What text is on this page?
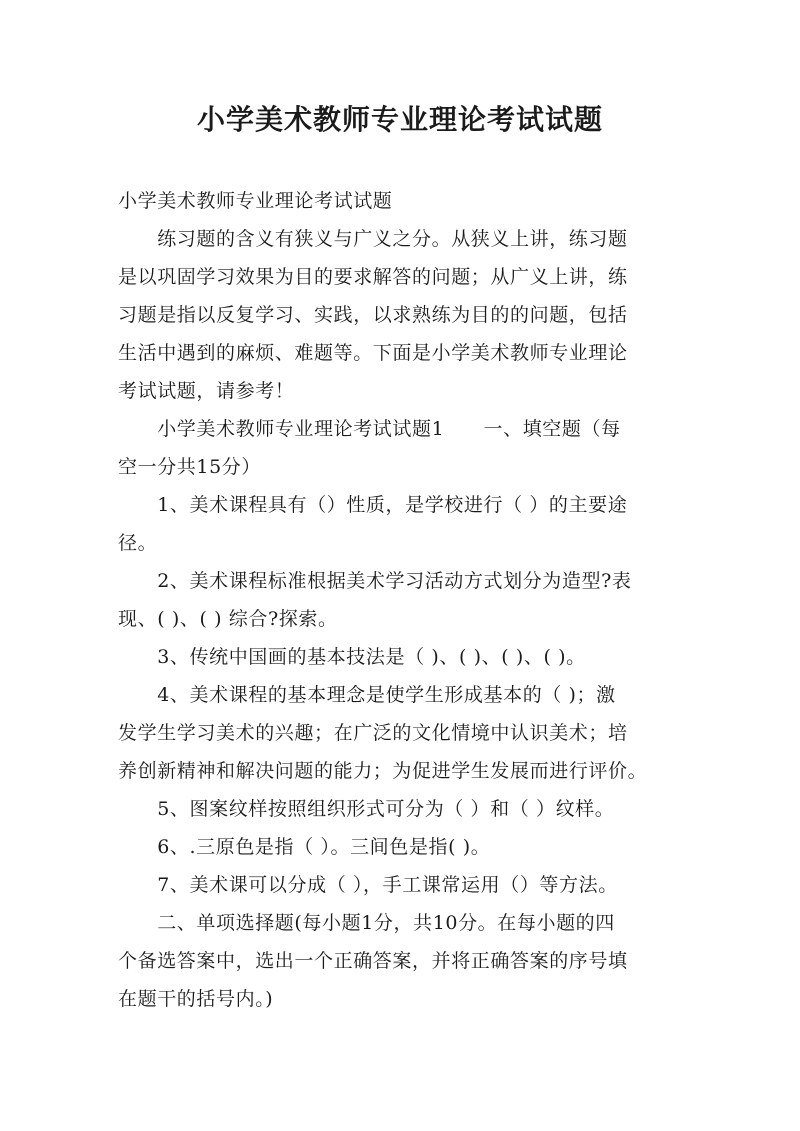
小学美术教师专业理论考试试题
小学美术教师专业理论考试试题
　　练习题的含义有狭义与广义之分。从狭义上讲，练习题
是以巩固学习效果为目的要求解答的问题；从广义上讲，练
习题是指以反复学习、实践，以求熟练为目的的问题，包括
生活中遇到的麻烦、难题等。下面是小学美术教师专业理论
考试试题，请参考！
　　小学美术教师专业理论考试试题1　　一、填空题（每
空一分共15分）
　　1、美术课程具有（）性质，是学校进行（ ）的主要途
径。
　　2、美术课程标准根据美术学习活动方式划分为造型?表
现、( )、( ) 综合?探索。
　　3、传统中国画的基本技法是（ )、( )、( )、( )。
　　4、美术课程的基本理念是使学生形成基本的（ )；激
发学生学习美术的兴趣；在广泛的文化情境中认识美术；培
养创新精神和解决问题的能力；为促进学生发展而进行评价。
　　5、图案纹样按照组织形式可分为（ ）和（ ）纹样。
　　6、.三原色是指（ ）。三间色是指( )。
　　7、美术课可以分成（ ），手工课常运用（）等方法。
　　二、单项选择题(每小题1分，共10分。在每小题的四
个备选答案中，选出一个正确答案，并将正确答案的序号填
在题干的括号内。)
